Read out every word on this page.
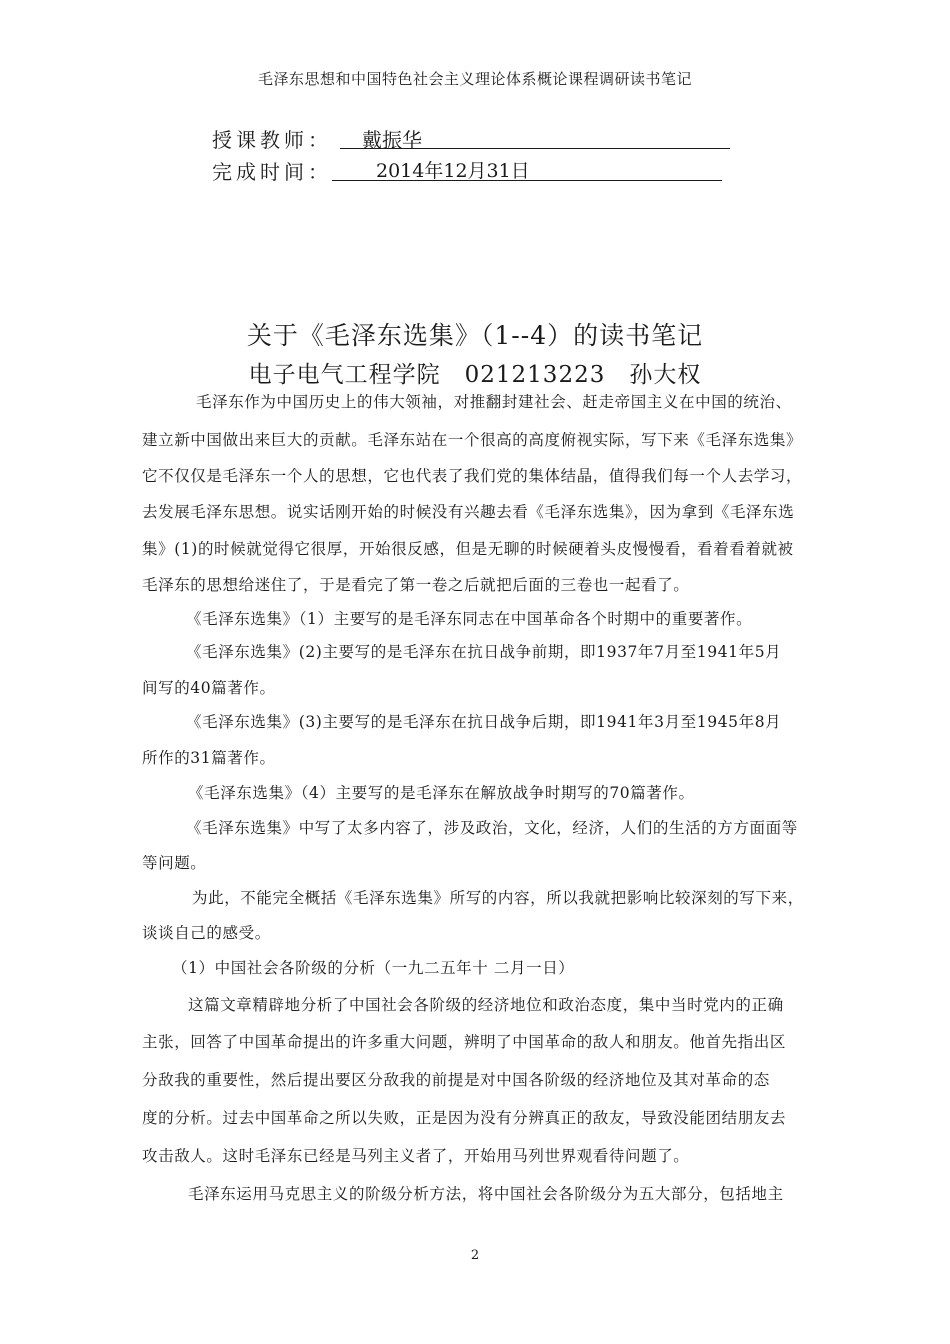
毛泽东思想和中国特色社会主义理论体系概论课程调研读书笔记
授课教师：	戴振华
完成时间：	2014年12月31日
关于《毛泽东选集》（1--4）的读书笔记
电子电气工程学院　021213223　孙大权
毛泽东作为中国历史上的伟大领袖，对推翻封建社会、赶走帝国主义在中国的统治、
建立新中国做出来巨大的贡献。毛泽东站在一个很高的高度俯视实际，写下来《毛泽东选集》
它不仅仅是毛泽东一个人的思想，它也代表了我们党的集体结晶，值得我们每一个人去学习，
去发展毛泽东思想。说实话刚开始的时候没有兴趣去看《毛泽东选集》，因为拿到《毛泽东选
集》(1)的时候就觉得它很厚，开始很反感，但是无聊的时候硬着头皮慢慢看，看着看着就被
毛泽东的思想给迷住了，于是看完了第一卷之后就把后面的三卷也一起看了。
《毛泽东选集》（1）主要写的是毛泽东同志在中国革命各个时期中的重要著作。
《毛泽东选集》(2)主要写的是毛泽东在抗日战争前期，即1937年7月至1941年5月
间写的40篇著作。
《毛泽东选集》(3)主要写的是毛泽东在抗日战争后期，即1941年3月至1945年8月
所作的31篇著作。
《毛泽东选集》（4）主要写的是毛泽东在解放战争时期写的70篇著作。
《毛泽东选集》中写了太多内容了，涉及政治，文化，经济，人们的生活的方方面面等
等问题。
为此，不能完全概括《毛泽东选集》所写的内容，所以我就把影响比较深刻的写下来，
谈谈自己的感受。
（1）中国社会各阶级的分析（一九二五年十 二月一日）
这篇文章精辟地分析了中国社会各阶级的经济地位和政治态度，集中当时党内的正确
主张，回答了中国革命提出的许多重大问题，辨明了中国革命的敌人和朋友。他首先指出区
分敌我的重要性，然后提出要区分敌我的前提是对中国各阶级的经济地位及其对革命的态
度的分析。过去中国革命之所以失败，正是因为没有分辨真正的敌友，导致没能团结朋友去
攻击敌人。这时毛泽东已经是马列主义者了，开始用马列世界观看待问题了。
毛泽东运用马克思主义的阶级分析方法，将中国社会各阶级分为五大部分，包括地主
2
